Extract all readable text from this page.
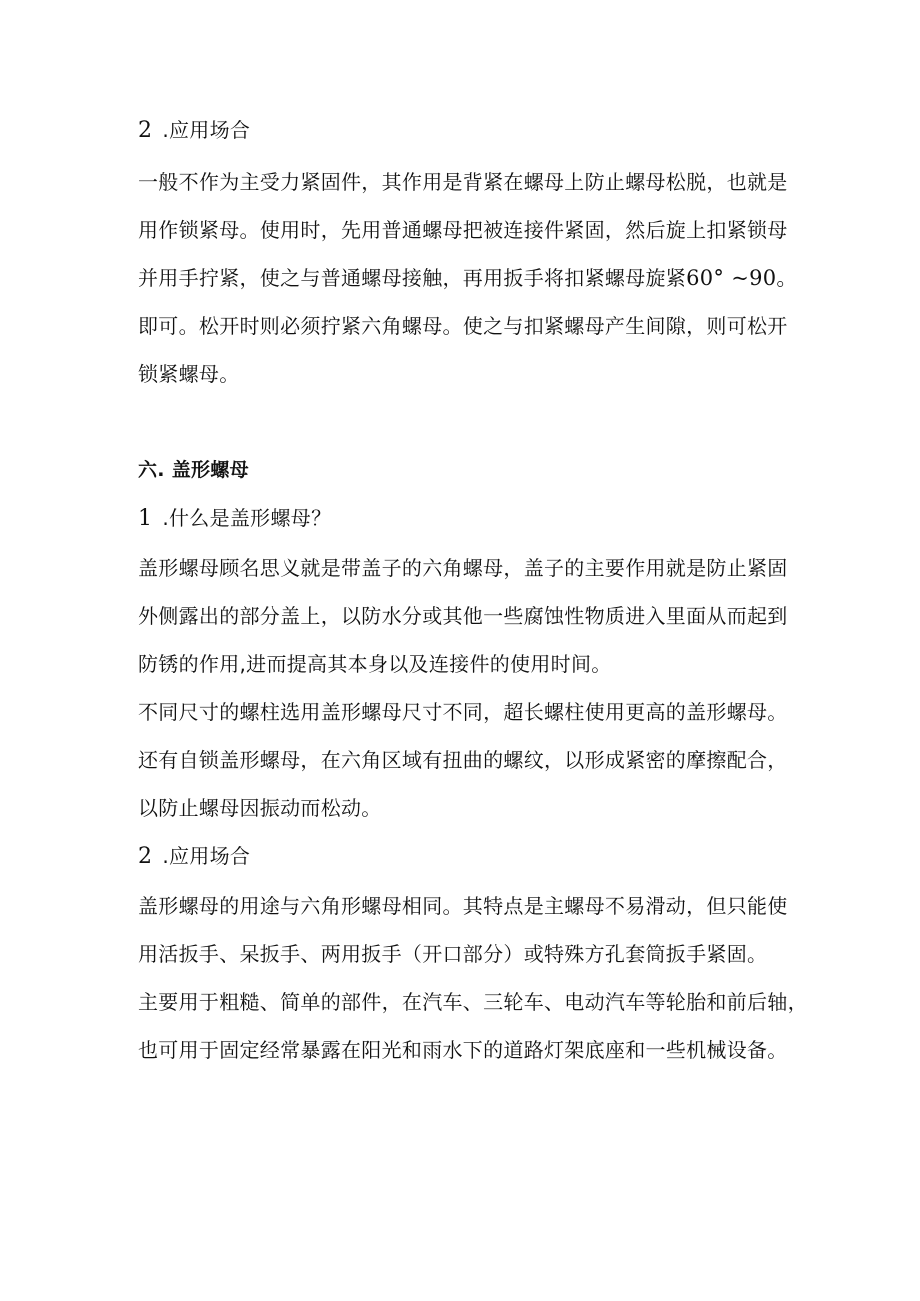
2 .应用场合
一般不作为主受力紧固件，其作用是背紧在螺母上防止螺母松脱，也就是
用作锁紧母。使用时，先用普通螺母把被连接件紧固，然后旋上扣紧锁母
并用手拧紧，使之与普通螺母接触，再用扳手将扣紧螺母旋紧60° ~90。
即可。松开时则必须拧紧六角螺母。使之与扣紧螺母产生间隙，则可松开
锁紧螺母。
六. 盖形螺母
1 .什么是盖形螺母？
盖形螺母顾名思义就是带盖子的六角螺母，盖子的主要作用就是防止紧固
外侧露出的部分盖上，以防水分或其他一些腐蚀性物质进入里面从而起到
防锈的作用,进而提高其本身以及连接件的使用时间。
不同尺寸的螺柱选用盖形螺母尺寸不同，超长螺柱使用更高的盖形螺母。
还有自锁盖形螺母，在六角区域有扭曲的螺纹，以形成紧密的摩擦配合，
以防止螺母因振动而松动。
2 .应用场合
盖形螺母的用途与六角形螺母相同。其特点是主螺母不易滑动，但只能使
用活扳手、呆扳手、两用扳手（开口部分）或特殊方孔套筒扳手紧固。
主要用于粗糙、简单的部件，在汽车、三轮车、电动汽车等轮胎和前后轴，
也可用于固定经常暴露在阳光和雨水下的道路灯架底座和一些机械设备。
